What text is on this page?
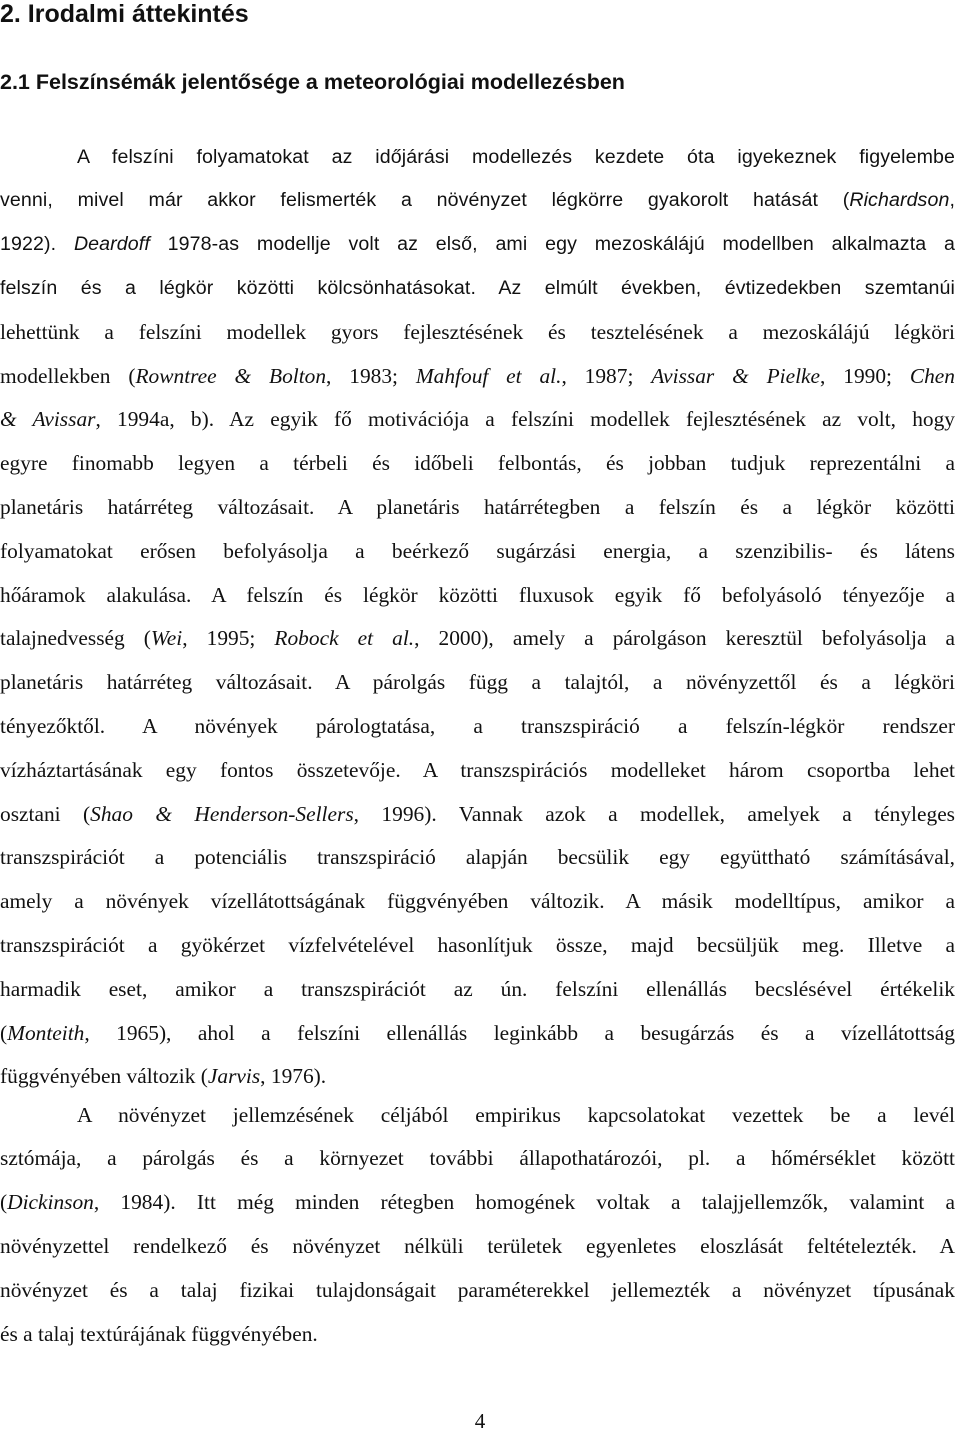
2. Irodalmi áttekintés
2.1 Felszínsémák jelentősége a meteorológiai modellezésben
A felszíni folyamatokat az időjárási modellezés kezdete óta igyekeznek figyelembe
venni, mivel már akkor felismerték a növényzet légkörre gyakorolt hatását (Richardson,
1922). Deardoff 1978-as modellje volt az első, ami egy mezoskálájú modellben alkalmazta a
felszín és a légkör közötti kölcsönhatásokat. Az elmúlt években, évtizedekben szemtanúi
lehettünk a felszíni modellek gyors fejlesztésének és tesztelésének a mezoskálájú légköri
modellekben (Rowntree & Bolton, 1983; Mahfouf et al., 1987; Avissar & Pielke, 1990; Chen
& Avissar, 1994a, b). Az egyik fő motivációja a felszíni modellek fejlesztésének az volt, hogy
egyre finomabb legyen a térbeli és időbeli felbontás, és jobban tudjuk reprezentálni a
planetáris határréteg változásait. A planetáris határrétegben a felszín és a légkör közötti
folyamatokat erősen befolyásolja a beérkező sugárzási energia, a szenzibilis- és látens
hőáramok alakulása. A felszín és légkör közötti fluxusok egyik fő befolyásoló tényezője a
talajnedvesség (Wei, 1995; Robock et al., 2000), amely a párolgáson keresztül befolyásolja a
planetáris határréteg változásait. A párolgás függ a talajtól, a növényzettől és a légköri
tényezőktől. A növények párologtatása, a transzspiráció a felszín-légkör rendszer
vízháztartásának egy fontos összetevője. A transzspirációs modelleket három csoportba lehet
osztani (Shao & Henderson-Sellers, 1996). Vannak azok a modellek, amelyek a tényleges
transzspirációt a potenciális transzspiráció alapján becsülik egy együttható számításával,
amely a növények vízellátottságának függvényében változik. A másik modelltípus, amikor a
transzspirációt a gyökérzet vízfelvételével hasonlítjuk össze, majd becsüljük meg. Illetve a
harmadik eset, amikor a transzspirációt az ún. felszíni ellenállás becslésével értékelik
(Monteith, 1965), ahol a felszíni ellenállás leginkább a besugárzás és a vízellátottság
függvényében változik (Jarvis, 1976).
A növényzet jellemzésének céljából empirikus kapcsolatokat vezettek be a levél
sztómája, a párolgás és a környezet további állapothatározói, pl. a hőmérséklet között
(Dickinson, 1984). Itt még minden rétegben homogének voltak a talajjellemzők, valamint a
növényzettel rendelkező és növényzet nélküli területek egyenletes eloszlását feltételezték. A
növényzet és a talaj fizikai tulajdonságait paraméterekkel jellemezték a növényzet típusának
és a talaj textúrájának függvényében.
4
